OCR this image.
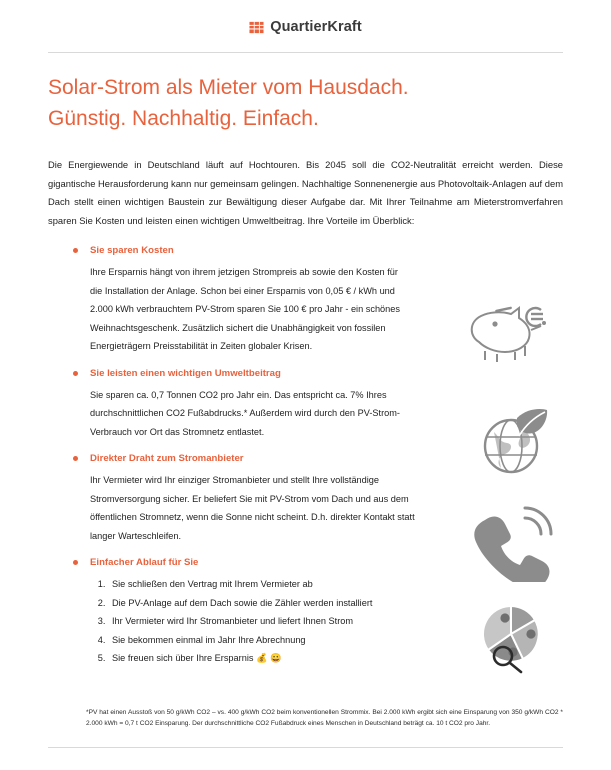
QuartierKraft
Solar-Strom als Mieter vom Hausdach.
Günstig. Nachhaltig. Einfach.

Die Energiewende in Deutschland läuft auf Hochtouren. Bis 2045 soll die CO2-Neutralität erreicht werden. Diese gigantische Herausforderung kann nur gemeinsam gelingen. Nachhaltige Sonnenenergie aus Photovoltaik-Anlagen auf dem Dach stellt einen wichtigen Baustein zur Bewältigung dieser Aufgabe dar. Mit Ihrer Teilnahme am Mieterstromverfahren sparen Sie Kosten und leisten einen wichtigen Umweltbeitrag. Ihre Vorteile im Überblick:

Sie sparen Kosten
Ihre Ersparnis hängt von ihrem jetzigen Strompreis ab sowie den Kosten für die Installation der Anlage. Schon bei einer Ersparnis von 0,05 € / kWh und 2.000 kWh verbrauchtem PV-Strom sparen Sie 100 € pro Jahr - ein schönes Weihnachtsgeschenk. Zusätzlich sichert die Unabhängigkeit von fossilen Energieträgern Preisstabilität in Zeiten globaler Krisen.
Sie leisten einen wichtigen Umweltbeitrag
Sie sparen ca. 0,7 Tonnen CO2 pro Jahr ein. Das entspricht ca. 7% Ihres durchschnittlichen CO2 Fußabdrucks.* Außerdem wird durch den PV-Strom-Verbrauch vor Ort das Stromnetz entlastet.
Direkter Draht zum Stromanbieter
Ihr Vermieter wird Ihr einziger Stromanbieter und stellt Ihre vollständige Stromversorgung sicher. Er beliefert Sie mit PV-Strom vom Dach und aus dem öffentlichen Stromnetz, wenn die Sonne nicht scheint. D.h. direkter Kontakt statt langer Warteschleifen.
Einfacher Ablauf für Sie
1. Sie schließen den Vertrag mit Ihrem Vermieter ab
2. Die PV-Anlage auf dem Dach sowie die Zähler werden installiert
3. Ihr Vermieter wird Ihr Stromanbieter und liefert Ihnen Strom
4. Sie bekommen einmal im Jahr Ihre Abrechnung
5. Sie freuen sich über Ihre Ersparnis 💰 😀

*PV hat einen Ausstoß von 50 g/kWh CO2 – vs. 400 g/kWh CO2 beim konventionellen Strommix. Bei 2.000 kWh ergibt sich eine Einsparung von 350 g/kWh CO2 * 2.000 kWh = 0,7 t CO2 Einsparung. Der durchschnittliche CO2 Fußabdruck eines Menschen in Deutschland beträgt ca. 10 t CO2 pro Jahr.
